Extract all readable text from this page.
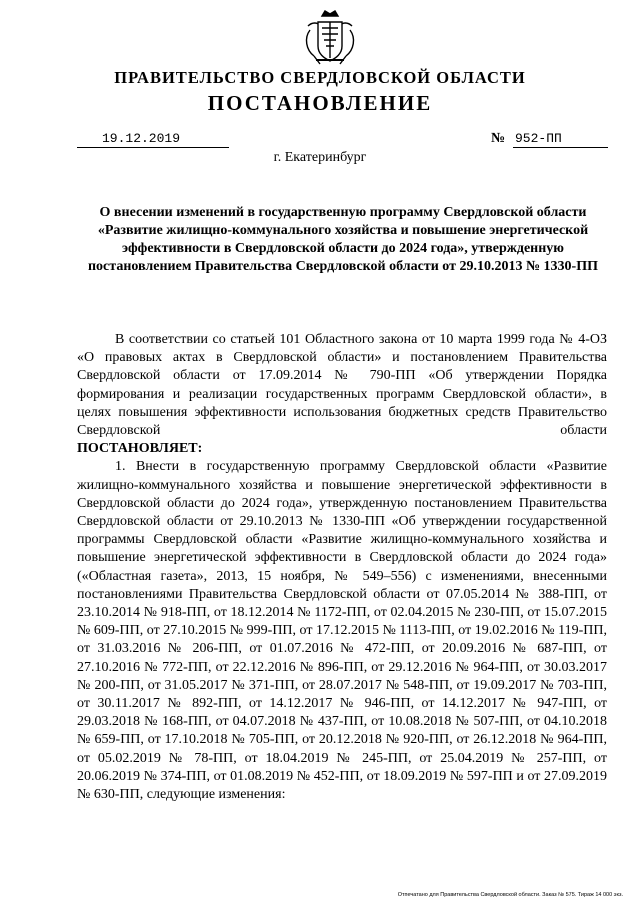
ПРАВИТЕЛЬСТВО СВЕРДЛОВСКОЙ ОБЛАСТИ
ПОСТАНОВЛЕНИЕ
19.12.2019	№ 952-ПП
г. Екатеринбург

О внесении изменений в государственную программу Свердловской области «Развитие жилищно-коммунального хозяйства и повышение энергетической эффективности в Свердловской области до 2024 года», утвержденную постановлением Правительства Свердловской области от 29.10.2013 № 1330-ПП

В соответствии со статьей 101 Областного закона от 10 марта 1999 года № 4-ОЗ «О правовых актах в Свердловской области» и постановлением Правительства Свердловской области от 17.09.2014 № 790-ПП «Об утверждении Порядка формирования и реализации государственных программ Свердловской области», в целях повышения эффективности использования бюджетных средств Правительство Свердловской области

ПОСТАНОВЛЯЕТ:

1. Внести в государственную программу Свердловской области «Развитие жилищно-коммунального хозяйства и повышение энергетической эффективности в Свердловской области до 2024 года», утвержденную постановлением Правительства Свердловской области от 29.10.2013 № 1330-ПП «Об утверждении государственной программы Свердловской области «Развитие жилищно-коммунального хозяйства и повышение энергетической эффективности в Свердловской области до 2024 года» («Областная газета», 2013, 15 ноября, № 549–556) с изменениями, внесенными постановлениями Правительства Свердловской области от 07.05.2014 № 388-ПП, от 23.10.2014 № 918-ПП, от 18.12.2014 № 1172-ПП, от 02.04.2015 № 230-ПП, от 15.07.2015 № 609-ПП, от 27.10.2015 № 999-ПП, от 17.12.2015 № 1113-ПП, от 19.02.2016 № 119-ПП, от 31.03.2016 № 206-ПП, от 01.07.2016 № 472-ПП, от 20.09.2016 № 687-ПП, от 27.10.2016 № 772-ПП, от 22.12.2016 № 896-ПП, от 29.12.2016 № 964-ПП, от 30.03.2017 № 200-ПП, от 31.05.2017 № 371-ПП, от 28.07.2017 № 548-ПП, от 19.09.2017 № 703-ПП, от 30.11.2017 № 892-ПП, от 14.12.2017 № 946-ПП, от 14.12.2017 № 947-ПП, от 29.03.2018 № 168-ПП, от 04.07.2018 № 437-ПП, от 10.08.2018 № 507-ПП, от 04.10.2018 № 659-ПП, от 17.10.2018 № 705-ПП, от 20.12.2018 № 920-ПП, от 26.12.2018 № 964-ПП, от 05.02.2019 № 78-ПП, от 18.04.2019 № 245-ПП, от 25.04.2019 № 257-ПП, от 20.06.2019 № 374-ПП, от 01.08.2019 № 452-ПП, от 18.09.2019 № 597-ПП и от 27.09.2019 № 630-ПП, следующие изменения:

Отпечатано для Правительства Свердловской области. Заказ № 575. Тираж 14 000 экз.
